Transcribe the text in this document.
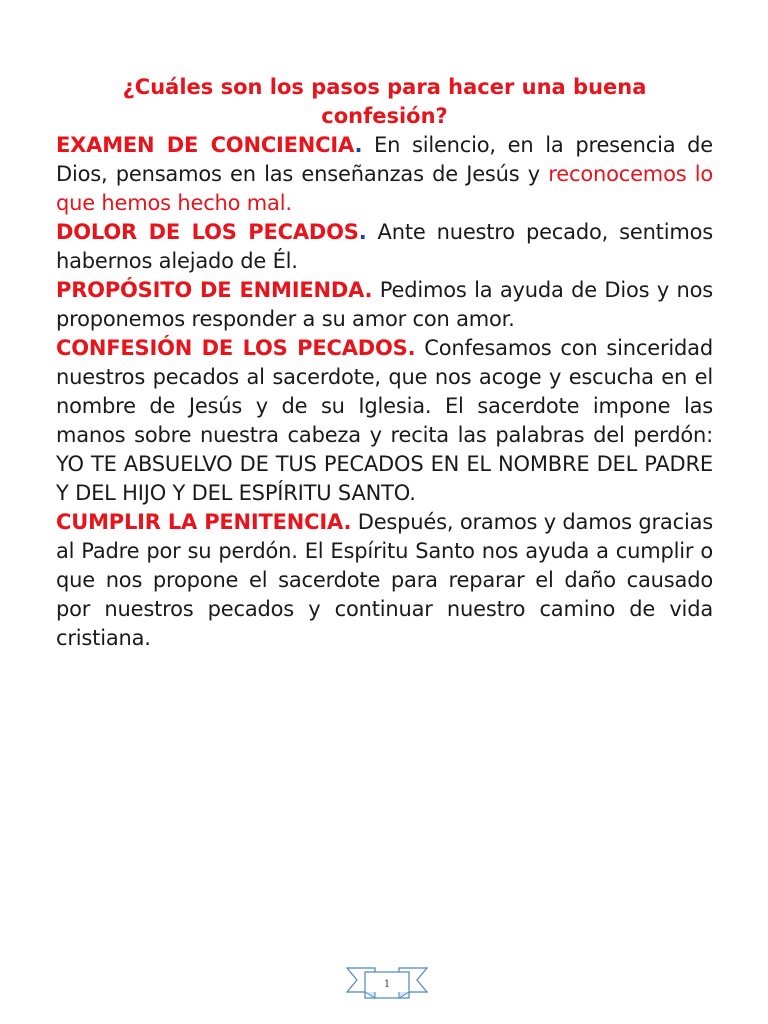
¿Cuáles son los pasos para hacer una buena confesión?

EXAMEN DE CONCIENCIA. En silencio, en la presencia de Dios, pensamos en las enseñanzas de Jesús y reconocemos lo que hemos hecho mal.

DOLOR DE LOS PECADOS. Ante nuestro pecado, sentimos habernos alejado de Él.

PROPÓSITO DE ENMIENDA. Pedimos la ayuda de Dios y nos proponemos responder a su amor con amor.

CONFESIÓN DE LOS PECADOS. Confesamos con sinceridad nuestros pecados al sacerdote, que nos acoge y escucha en el nombre de Jesús y de su Iglesia. El sacerdote impone las manos sobre nuestra cabeza y recita las palabras del perdón: YO TE ABSUELVO DE TUS PECADOS EN EL NOMBRE DEL PADRE Y DEL HIJO Y DEL ESPÍRITU SANTO.

CUMPLIR LA PENITENCIA. Después, oramos y damos gracias al Padre por su perdón. El Espíritu Santo nos ayuda a cumplir o que nos propone el sacerdote para reparar el daño causado por nuestros pecados y continuar nuestro camino de vida cristiana.

1
